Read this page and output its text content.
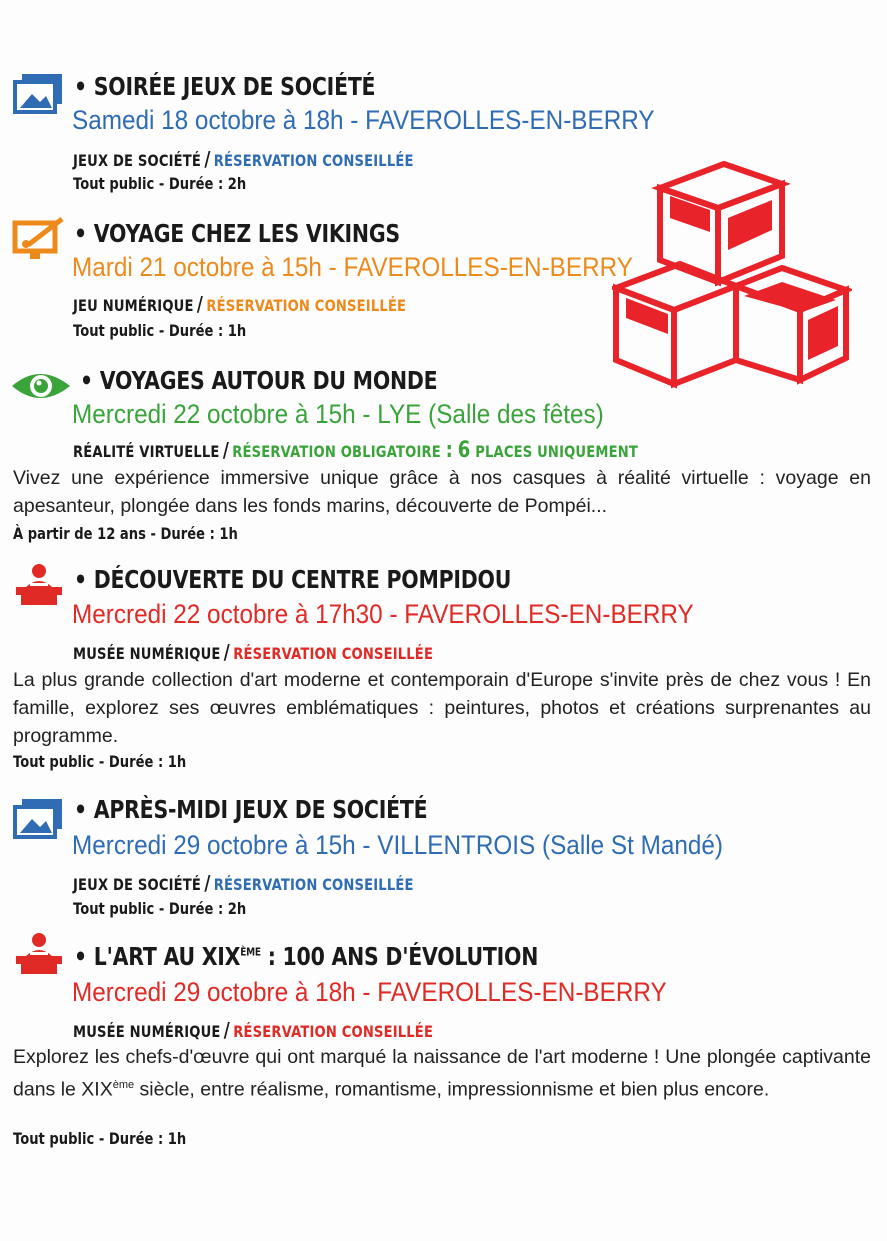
• SOIRÉE JEUX DE SOCIÉTÉ

Samedi 18 octobre à 18h - FAVEROLLES-EN-BERRY

JEUX DE SOCIÉTÉ / RÉSERVATION CONSEILLÉE

Tout public - Durée : 2h

• VOYAGE CHEZ LES VIKINGS

Mardi 21 octobre à 15h - FAVEROLLES-EN-BERRY

JEU NUMÉRIQUE / RÉSERVATION CONSEILLÉE

Tout public - Durée : 1h

• VOYAGES AUTOUR DU MONDE

Mercredi 22 octobre à 15h - LYE (Salle des fêtes)

RÉALITÉ VIRTUELLE / RÉSERVATION OBLIGATOIRE : 6 PLACES UNIQUEMENT

Vivez une expérience immersive unique grâce à nos casques à réalité virtuelle : voyage en apesanteur, plongée dans les fonds marins, découverte de Pompéi...

À partir de 12 ans - Durée : 1h

• DÉCOUVERTE DU CENTRE POMPIDOU

Mercredi 22 octobre à 17h30 - FAVEROLLES-EN-BERRY

MUSÉE NUMÉRIQUE / RÉSERVATION CONSEILLÉE

La plus grande collection d'art moderne et contemporain d'Europe s'invite près de chez vous ! En famille, explorez ses œuvres emblématiques : peintures, photos et créations surprenantes au programme.

Tout public - Durée : 1h

• APRÈS-MIDI JEUX DE SOCIÉTÉ

Mercredi 29 octobre à 15h - VILLENTROIS (Salle St Mandé)

JEUX DE SOCIÉTÉ / RÉSERVATION CONSEILLÉE

Tout public - Durée : 2h

• L'ART AU XIXÈME : 100 ANS D'ÉVOLUTION

Mercredi 29 octobre à 18h - FAVEROLLES-EN-BERRY

MUSÉE NUMÉRIQUE / RÉSERVATION CONSEILLÉE

Explorez les chefs-d'œuvre qui ont marqué la naissance de l'art moderne ! Une plongée captivante dans le XIXème siècle, entre réalisme, romantisme, impressionnisme et bien plus encore.

Tout public - Durée : 1h
